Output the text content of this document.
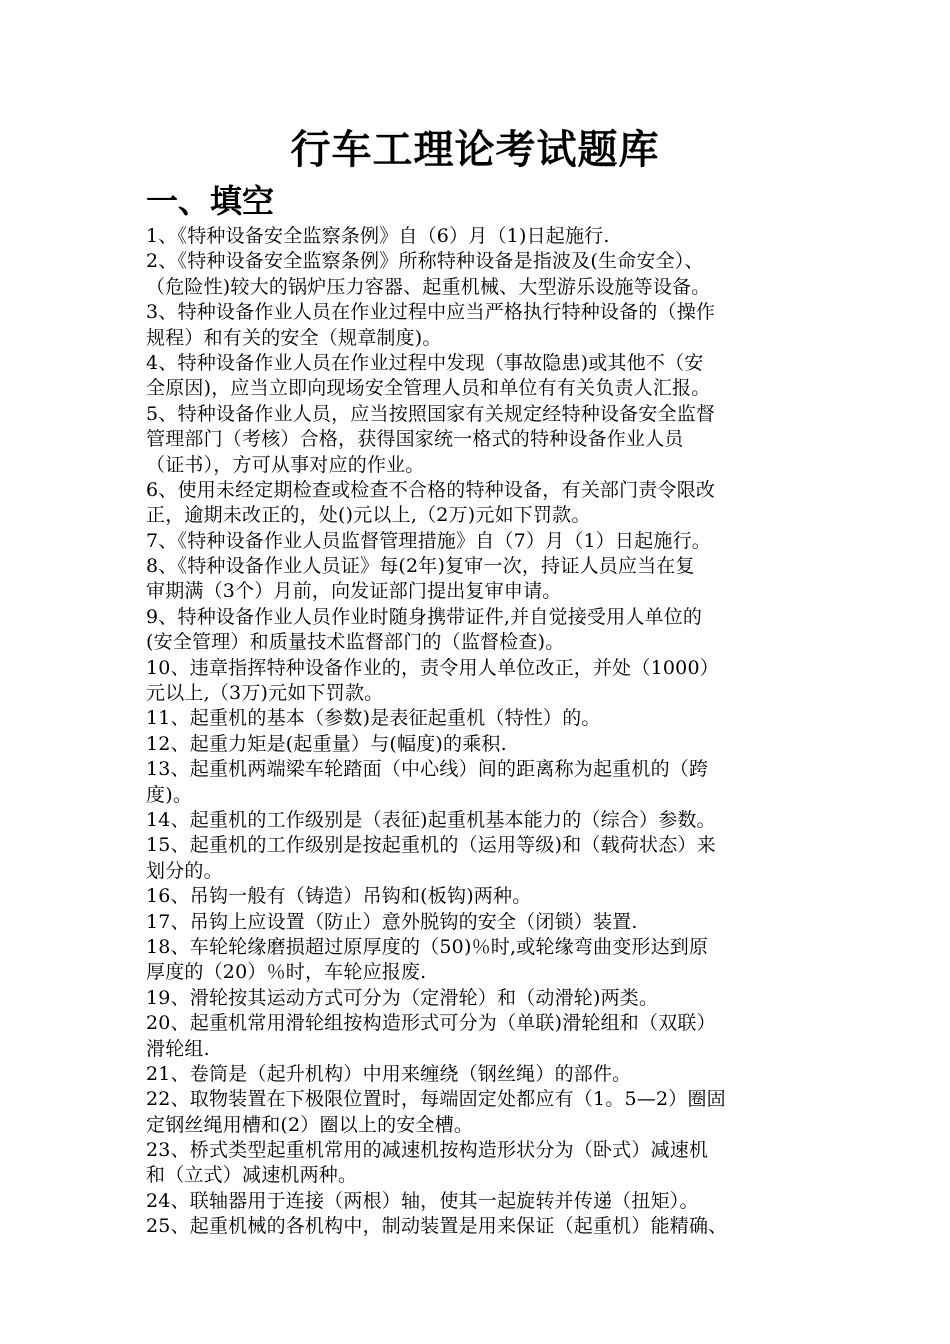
行车工理论考试题库
一、填空
1、《特种设备安全监察条例》自（6）月（1)日起施行.
2、《特种设备安全监察条例》所称特种设备是指波及(生命安全）、
（危险性)较大的锅炉压力容器、起重机械、大型游乐设施等设备。
3、特种设备作业人员在作业过程中应当严格执行特种设备的（操作
规程）和有关的安全（规章制度)。
4、特种设备作业人员在作业过程中发现（事故隐患)或其他不（安
全原因)，应当立即向现场安全管理人员和单位有有关负责人汇报。
5、特种设备作业人员，应当按照国家有关规定经特种设备安全监督
管理部门（考核）合格，获得国家统一格式的特种设备作业人员
（证书），方可从事对应的作业。
6、使用未经定期检查或检查不合格的特种设备，有关部门责令限改
正，逾期未改正的，处()元以上,（2万)元如下罚款。
7、《特种设备作业人员监督管理措施》自（7）月（1）日起施行。
8、《特种设备作业人员证》每(2年)复审一次，持证人员应当在复
审期满（3个）月前，向发证部门提出复审申请。
9、特种设备作业人员作业时随身携带证件,并自觉接受用人单位的
(安全管理）和质量技术监督部门的（监督检查)。
10、违章指挥特种设备作业的，责令用人单位改正，并处（1000）
元以上,（3万)元如下罚款。
11、起重机的基本（参数)是表征起重机（特性）的。
12、起重力矩是(起重量）与(幅度)的乘积.
13、起重机两端梁车轮踏面（中心线）间的距离称为起重机的（跨
度)。
14、起重机的工作级别是（表征)起重机基本能力的（综合）参数。
15、起重机的工作级别是按起重机的（运用等级)和（载荷状态）来
划分的。
16、吊钩一般有（铸造）吊钩和(板钩)两种。
17、吊钩上应设置（防止）意外脱钩的安全（闭锁）装置.
18、车轮轮缘磨损超过原厚度的（50)％时,或轮缘弯曲变形达到原
厚度的（20）％时，车轮应报废.
19、滑轮按其运动方式可分为（定滑轮）和（动滑轮)两类。
20、起重机常用滑轮组按构造形式可分为（单联)滑轮组和（双联）
滑轮组.
21、卷筒是（起升机构）中用来缠绕（钢丝绳）的部件。
22、取物装置在下极限位置时，每端固定处都应有（1。5—2）圈固
定钢丝绳用槽和(2）圈以上的安全槽。
23、桥式类型起重机常用的减速机按构造形状分为（卧式）减速机
和（立式）减速机两种。
24、联轴器用于连接（两根）轴，使其一起旋转并传递（扭矩）。
25、起重机械的各机构中，制动装置是用来保证（起重机）能精确、
